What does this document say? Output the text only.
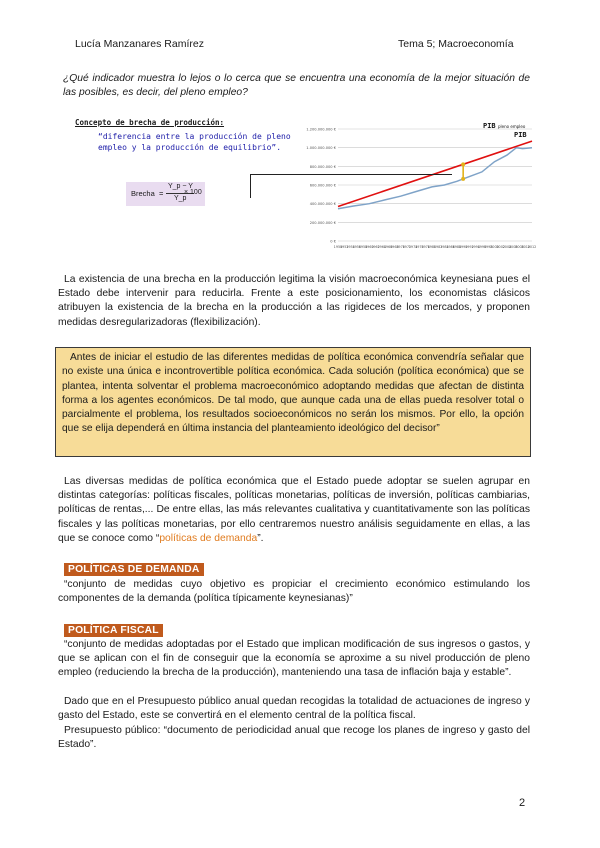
Lucía Manzanares Ramírez	Tema 5; Macroeconomía
¿Qué indicador muestra lo lejos o lo cerca que se encuentra una economía de la mejor situación de las posibles, es decir, del pleno empleo?
Concepto de brecha de producción:
“diferencia entre la producción de pleno empleo y la producción de equilibrio”.
Brecha =
Y_p − Y
Y_p
× 100
0 €
200.000.000 €
400.000.000 €
600.000.000 €
800.000.000 €
1.000.000.000 €
1.200.000.000 €
1950
1952
1954
1956
1958
1960
1962
1964
1966
1968
1970
1972
1974
1976
1978
1980
1982
1984
1986
1988
1990
1992
1994
1996
1998
2000
2002
2004
2006
2008
2010
2012
PIB pleno empleo
PIB
La existencia de una brecha en la producción legitima la visión macroeconómica keynesiana pues el Estado debe intervenir para reducirla. Frente a este posicionamiento, los economistas clásicos atribuyen la existencia de la brecha en la producción a las rigideces de los mercados, y proponen medidas desregularizadoras (flexibilización).
Antes de iniciar el estudio de las diferentes medidas de política económica convendría señalar que no existe una única e incontrovertible política económica. Cada solución (política económica) que se plantea, intenta solventar el problema macroeconómico adoptando medidas que afectan de distinta forma a los agentes económicos. De tal modo, que aunque cada una de ellas pueda resolver total o parcialmente el problema, los resultados socioeconómicos no serán los mismos. Por ello, la opción que se elija dependerá en última instancia del planteamiento ideológico del decisor”
Las diversas medidas de política económica que el Estado puede adoptar se suelen agrupar en distintas categorías: políticas fiscales, políticas monetarias, políticas de inversión, políticas cambiarias, políticas de rentas,... De entre ellas, las más relevantes cualitativa y cuantitativamente son las políticas fiscales y las políticas monetarias, por ello centraremos nuestro análisis seguidamente en ellas, a las que se conoce como “políticas de demanda”.
POLÍTICAS DE DEMANDA
“conjunto de medidas cuyo objetivo es propiciar el crecimiento económico estimulando los componentes de la demanda (política típicamente keynesianas)”
POLÍTICA FISCAL
“conjunto de medidas adoptadas por el Estado que implican modificación de sus ingresos o gastos, y que se aplican con el fin de conseguir que la economía se aproxime a su nivel producción de pleno empleo (reduciendo la brecha de la producción), manteniendo una tasa de inflación baja y estable”.
Dado que en el Presupuesto público anual quedan recogidas la totalidad de actuaciones de ingreso y gasto del Estado, este se convertirá en el elemento central de la política fiscal.
Presupuesto público: “documento de periodicidad anual que recoge los planes de ingreso y gasto del Estado”.
2
